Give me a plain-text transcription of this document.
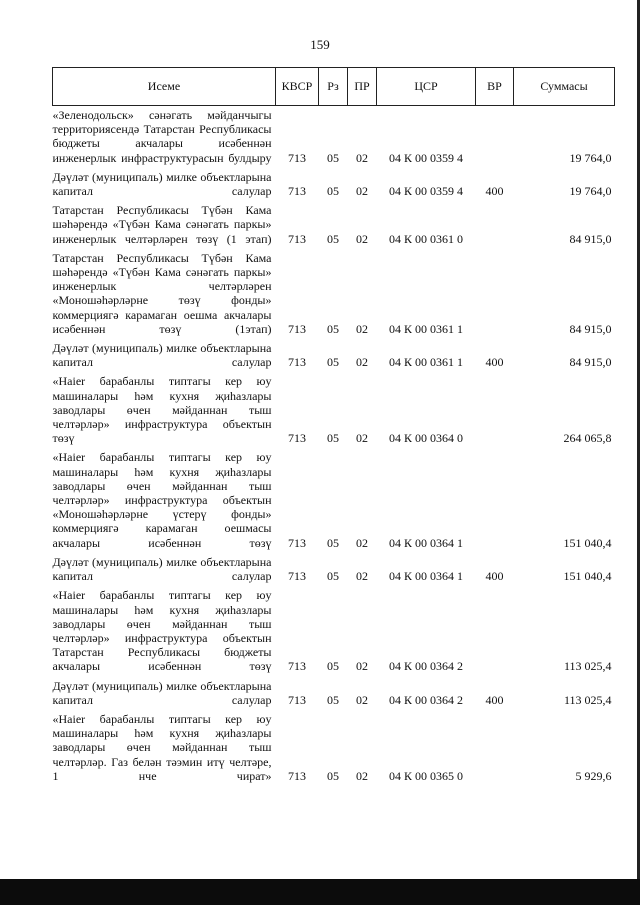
159
Исеме	КВСР	Рз	ПР	ЦСР	ВР	Суммасы
«Зеленодольск» сәнәгать мәйданчыгы территориясендә Татарстан Республикасы бюджеты акчалары исәбеннән инженерлык инфраструктурасын булдыру	713	05	02	04 К 00 0359 4		19 764,0
Дәүләт (муниципаль) милке объектларына капитал салулар	713	05	02	04 К 00 0359 4	400	19 764,0
Татарстан Республикасы Түбән Кама шәһәрендә «Түбән Кама сәнәгать паркы» инженерлык челтәрләрен төзү (1 этап)	713	05	02	04 К 00 0361 0		84 915,0
Татарстан Республикасы Түбән Кама шәһәрендә «Түбән Кама сәнәгать паркы» инженерлык челтәрләрен «Моношәһәрләрне төзү фонды» коммерциягә карамаган оешма акчалары исәбеннән төзү (1этап)	713	05	02	04 К 00 0361 1		84 915,0
Дәүләт (муниципаль) милке объектларына капитал салулар	713	05	02	04 К 00 0361 1	400	84 915,0
«Haier барабанлы типтагы кер юу машиналары һәм кухня җиһазлары заводлары өчен мәйданнан тыш челтәрләр» инфраструктура объектын төзү	713	05	02	04 К 00 0364 0		264 065,8
«Haier барабанлы типтагы кер юу машиналары һәм кухня җиһазлары заводлары өчен мәйданнан тыш челтәрләр» инфраструктура объектын «Моношәһәрләрне үстерү фонды» коммерциягә карамаган оешмасы акчалары исәбеннән төзү	713	05	02	04 К 00 0364 1		151 040,4
Дәүләт (муниципаль) милке объектларына капитал салулар	713	05	02	04 К 00 0364 1	400	151 040,4
«Haier барабанлы типтагы кер юу машиналары һәм кухня җиһазлары заводлары өчен мәйданнан тыш челтәрләр» инфраструктура объектын Татарстан Республикасы бюджеты акчалары исәбеннән төзү	713	05	02	04 К 00 0364 2		113 025,4
Дәүләт (муниципаль) милке объектларына капитал салулар	713	05	02	04 К 00 0364 2	400	113 025,4
«Haier барабанлы типтагы кер юу машиналары һәм кухня җиһазлары заводлары өчен мәйданнан тыш челтәрләр. Газ белән тәэмин итү челтәре, 1 нче чират»	713	05	02	04 К 00 0365 0		5 929,6
